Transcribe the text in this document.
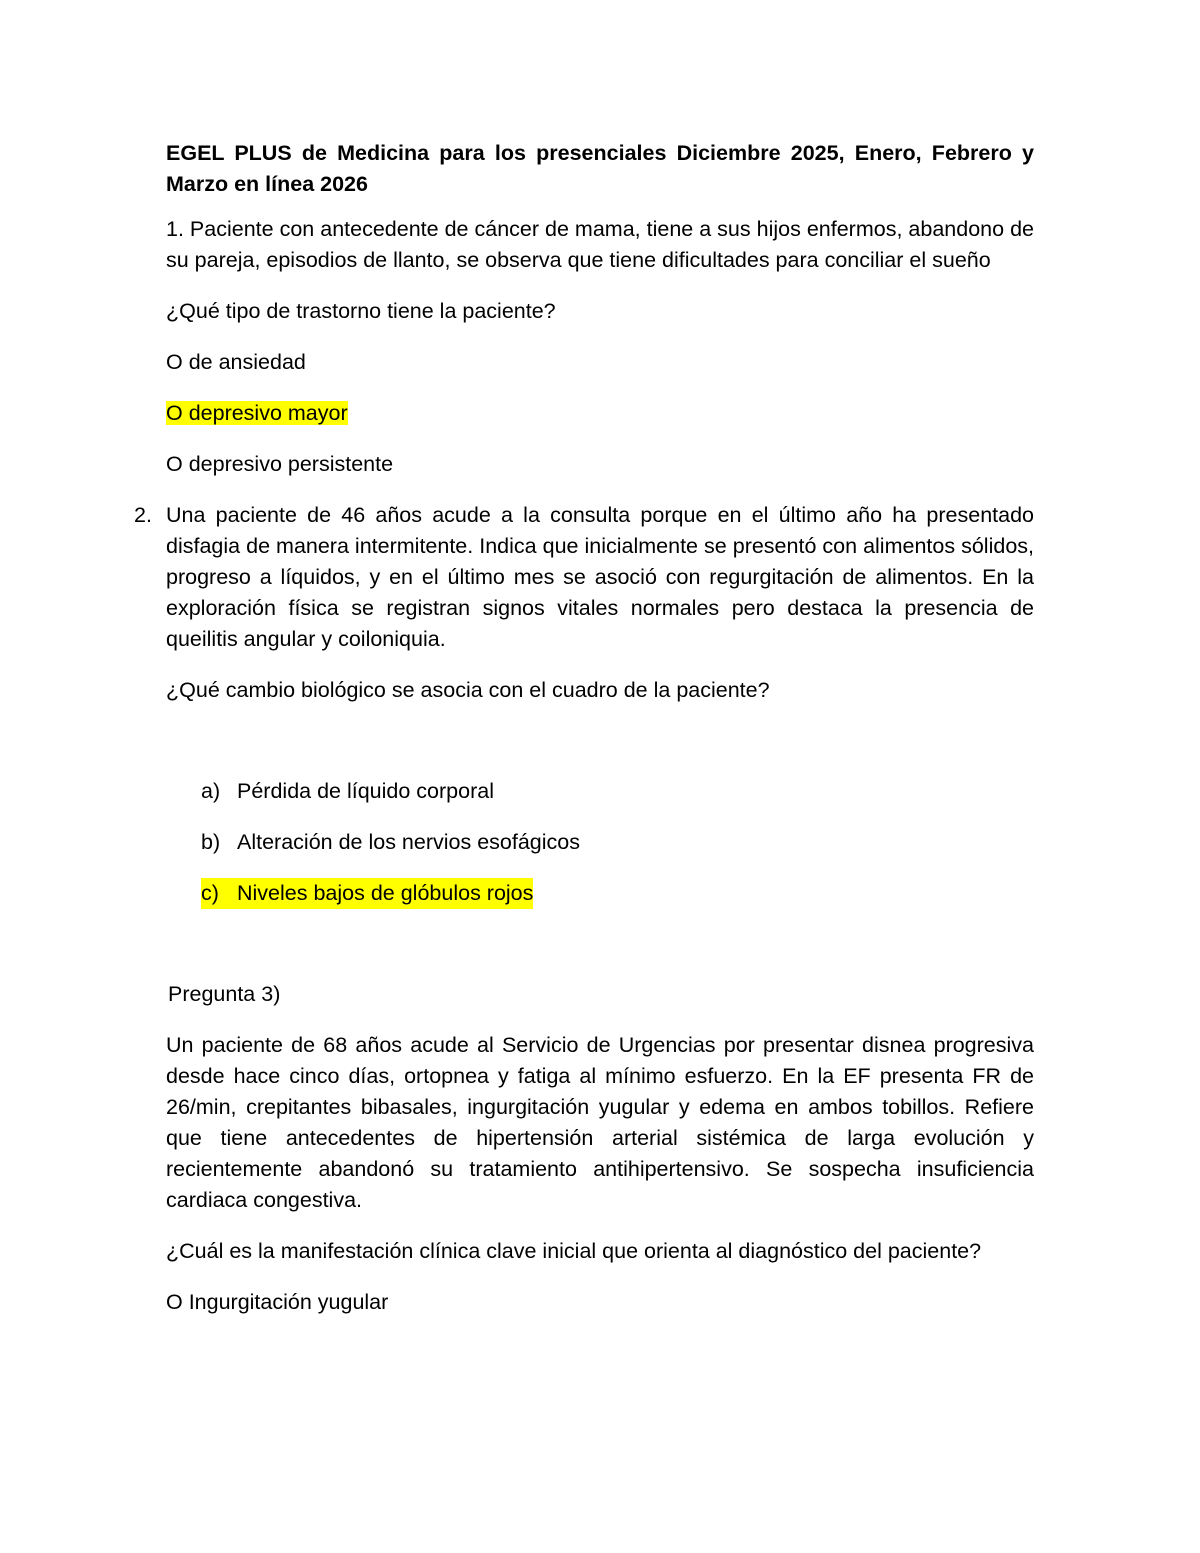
EGEL PLUS de Medicina para los presenciales Diciembre 2025, Enero, Febrero y Marzo en línea 2026

1. Paciente con antecedente de cáncer de mama, tiene a sus hijos enfermos, abandono de su pareja, episodios de llanto, se observa que tiene dificultades para conciliar el sueño

¿Qué tipo de trastorno tiene la paciente?

O de ansiedad

O depresivo mayor

O depresivo persistente

2. Una paciente de 46 años acude a la consulta porque en el último año ha presentado disfagia de manera intermitente. Indica que inicialmente se presentó con alimentos sólidos, progreso a líquidos, y en el último mes se asoció con regurgitación de alimentos. En la exploración física se registran signos vitales normales pero destaca la presencia de queilitis angular y coiloniquia.

¿Qué cambio biológico se asocia con el cuadro de la paciente?

a) Pérdida de líquido corporal
b) Alteración de los nervios esofágicos
c) Niveles bajos de glóbulos rojos

Pregunta 3)

Un paciente de 68 años acude al Servicio de Urgencias por presentar disnea progresiva desde hace cinco días, ortopnea y fatiga al mínimo esfuerzo. En la EF presenta FR de 26/min, crepitantes bibasales, ingurgitación yugular y edema en ambos tobillos. Refiere que tiene antecedentes de hipertensión arterial sistémica de larga evolución y recientemente abandonó su tratamiento antihipertensivo. Se sospecha insuficiencia cardiaca congestiva.

¿Cuál es la manifestación clínica clave inicial que orienta al diagnóstico del paciente?

O Ingurgitación yugular
